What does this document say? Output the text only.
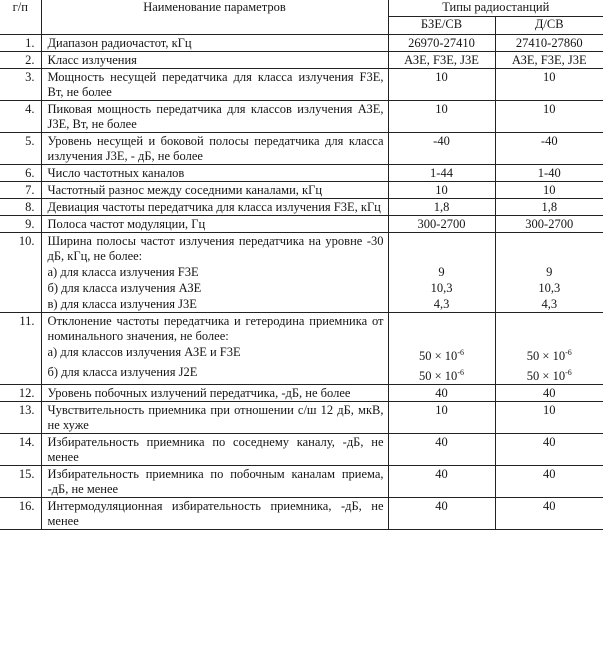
г/п	Наименование параметров	Типы радиостанций	
		БЗЕ/СВ	Д/СВ
1.	Диапазон радиочастот, кГц	26970-27410	27410-27860
2.	Класс излучения	АЗЕ, F3E, J3E	АЗЕ, F3E, J3E
3.	Мощность несущей передатчика для класса излучения F3E, Вт, не более	10	10
4.	Пиковая мощность передатчика для классов излучения АЗЕ, J3E, Вт, не более	10	10
5.	Уровень несущей и боковой полосы передатчика для класса излучения J3E, - дБ, не более	-40	-40
6.	Число частотных каналов	1-44	1-40
7.	Частотный разнос между соседними каналами, кГц	10	10
8.	Девиация частоты передатчика для класса излучения F3E, кГц	1,8	1,8
9.	Полоса частот модуляции, Гц	300-2700	300-2700
10.	Ширина полосы частот излучения передатчика на уровне -30 дБ, кГц, не более:		
	а) для класса излучения F3E	9	9
	б) для класса излучения АЗЕ	10,3	10,3
	в) для класса излучения J3E	4,3	4,3
11.	Отклонение частоты передатчика и гетеродина приемника от номинального значения, не более:		
	а) для классов излучения АЗЕ и F3E	$50 \times 10^{-6}$	$50 \times 10^{-6}$
	б) для класса излучения J2E	$50 \times 10^{-6}$	$50 \times 10^{-6}$
12.	Уровень побочных излучений передатчика, -дБ, не более	40	40
13.	Чувствительность приемника при отношении с/ш 12 дБ, мкВ, не хуже	10	10
14.	Избирательность приемника по соседнему каналу, -дБ, не менее	40	40
15.	Избирательность приемника по побочным каналам приема, -дБ, не менее	40	40
16.	Интермодуляционная избирательность приемника, -дБ, не менее	40	40
